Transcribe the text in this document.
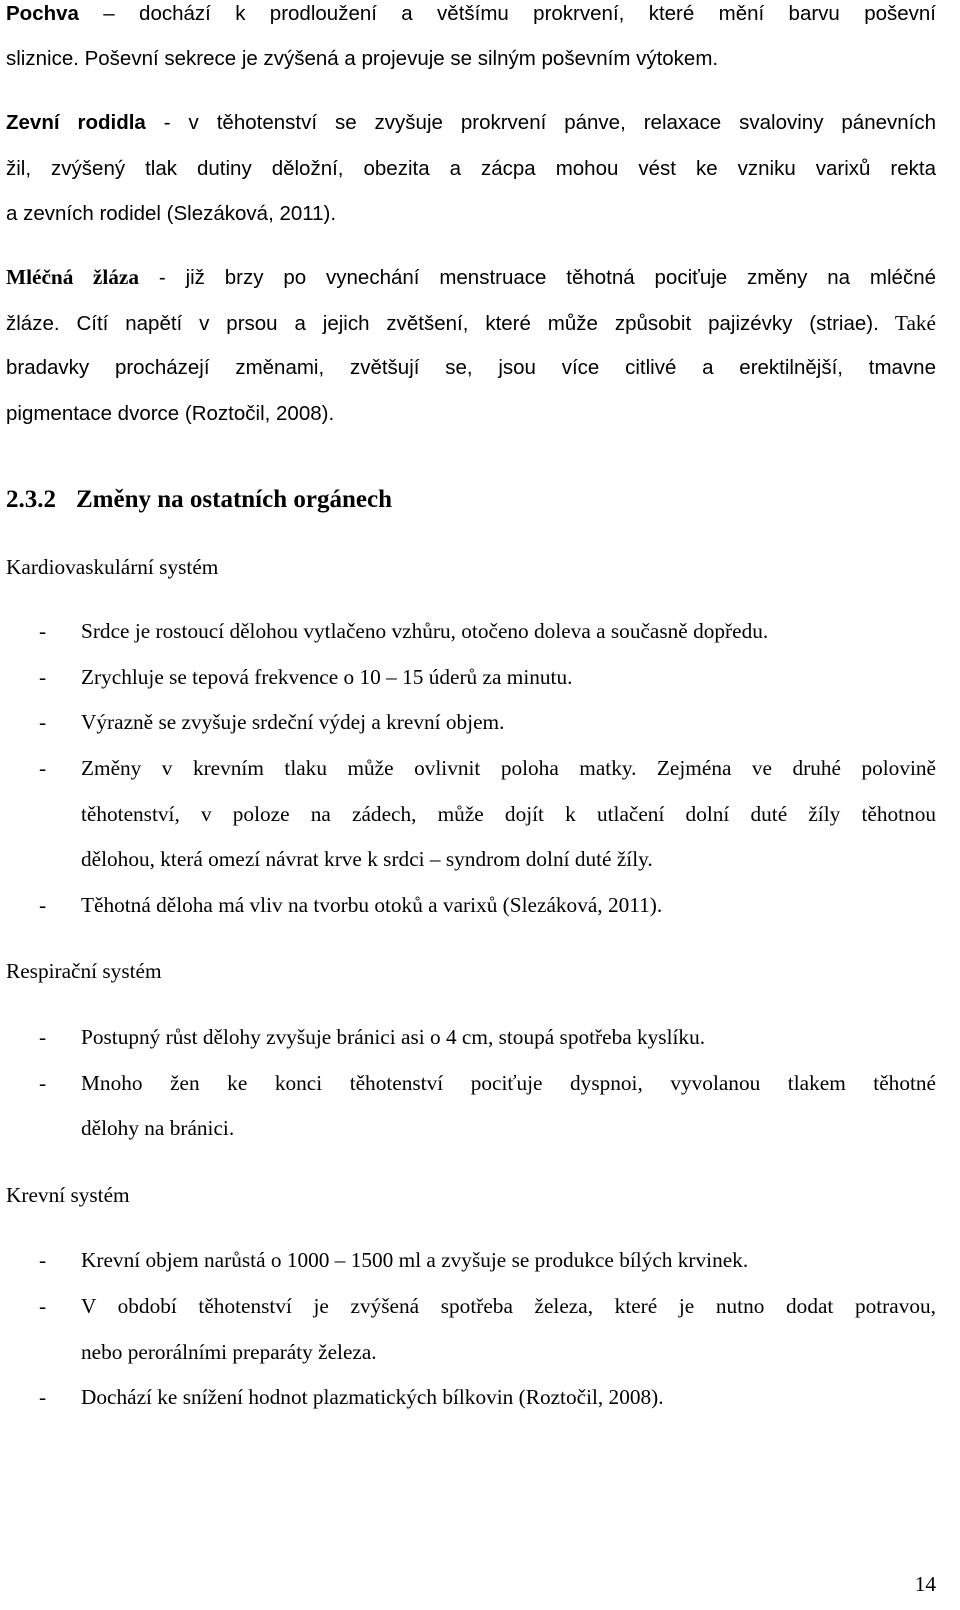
Pochva – dochází k prodloužení a většímu prokrvení, které mění barvu poševní
sliznice. Poševní sekrece je zvýšená a projevuje se silným poševním výtokem.
Zevní rodidla - v těhotenství se zvyšuje prokrvení pánve, relaxace svaloviny pánevních
žil, zvýšený tlak dutiny děložní, obezita a zácpa mohou vést ke vzniku varixů rekta
a zevních rodidel (Slezáková, 2011).
Mléčná žláza - již brzy po vynechání menstruace těhotná pociťuje změny na mléčné
žláze. Cítí napětí v prsou a jejich zvětšení, které může způsobit pajizévky (striae). Také
bradavky procházejí změnami, zvětšují se, jsou více citlivé a erektilnější, tmavne
pigmentace dvorce (Roztočil, 2008).
2.3.2 Změny na ostatních orgánech
Kardiovaskulární systém
- Srdce je rostoucí dělohou vytlačeno vzhůru, otočeno doleva a současně dopředu.
- Zrychluje se tepová frekvence o 10 – 15 úderů za minutu.
- Výrazně se zvyšuje srdeční výdej a krevní objem.
- Změny v krevním tlaku může ovlivnit poloha matky. Zejména ve druhé polovině
těhotenství, v poloze na zádech, může dojít k utlačení dolní duté žíly těhotnou
dělohou, která omezí návrat krve k srdci – syndrom dolní duté žíly.
- Těhotná děloha má vliv na tvorbu otoků a varixů (Slezáková, 2011).
Respirační systém
- Postupný růst dělohy zvyšuje bránici asi o 4 cm, stoupá spotřeba kyslíku.
- Mnoho žen ke konci těhotenství pociťuje dyspnoi, vyvolanou tlakem těhotné
dělohy na bránici.
Krevní systém
- Krevní objem narůstá o 1000 – 1500 ml a zvyšuje se produkce bílých krvinek.
- V období těhotenství je zvýšená spotřeba železa, které je nutno dodat potravou,
nebo perorálními preparáty železa.
- Dochází ke snížení hodnot plazmatických bílkovin (Roztočil, 2008).
14
